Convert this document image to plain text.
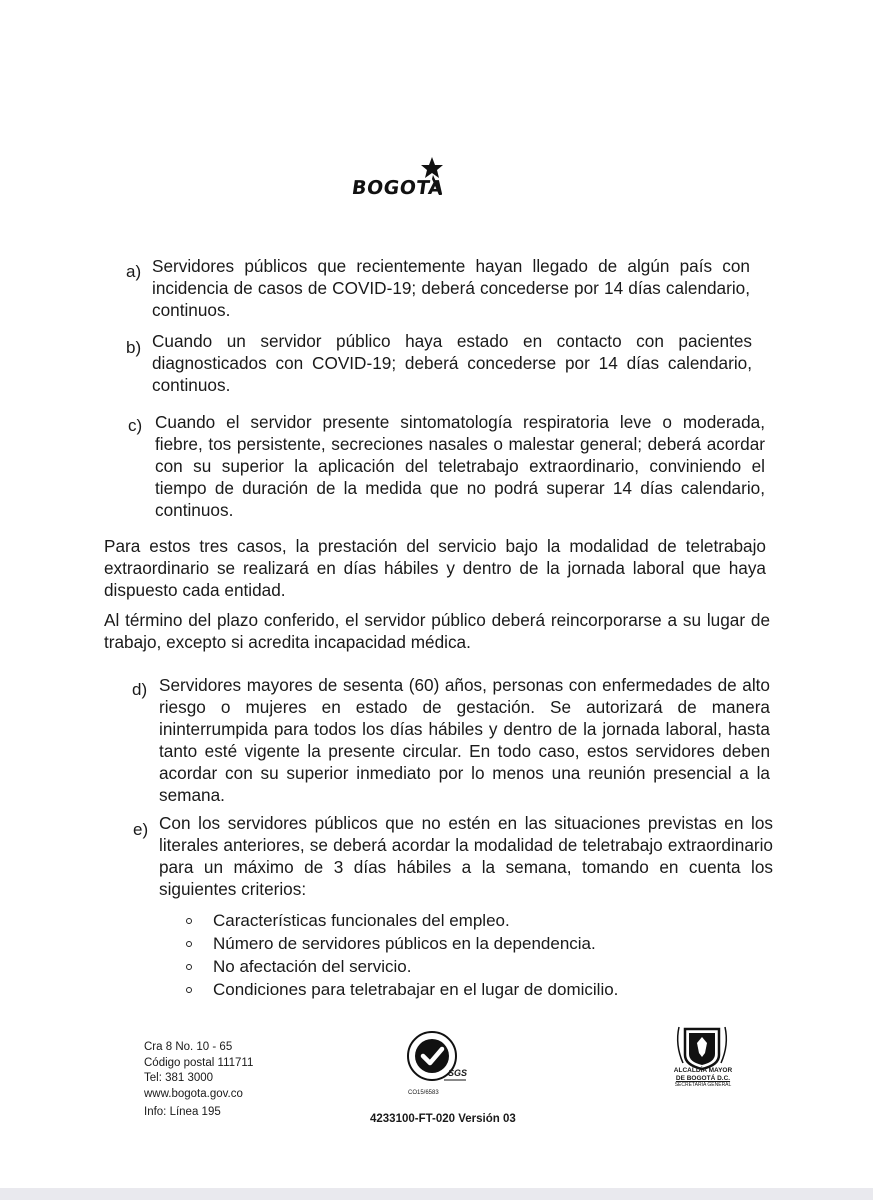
BOGOTA
a) Servidores públicos que recientemente hayan llegado de algún país con
incidencia de casos de COVID-19; deberá concederse por 14 días calendario,
continuos.
b) Cuando un servidor público haya estado en contacto con pacientes
diagnosticados con COVID-19; deberá concederse por 14 días calendario,
continuos.
c) Cuando el servidor presente sintomatología respiratoria leve o moderada,
fiebre, tos persistente, secreciones nasales o malestar general; deberá acordar
con su superior la aplicación del teletrabajo extraordinario, conviniendo el
tiempo de duración de la medida que no podrá superar 14 días calendario,
continuos.
Para estos tres casos, la prestación del servicio bajo la modalidad de teletrabajo
extraordinario se realizará en días hábiles y dentro de la jornada laboral que haya
dispuesto cada entidad.
Al término del plazo conferido, el servidor público deberá reincorporarse a su lugar de
trabajo, excepto si acredita incapacidad médica.
d) Servidores mayores de sesenta (60) años, personas con enfermedades de alto
riesgo o mujeres en estado de gestación. Se autorizará de manera
ininterrumpida para todos los días hábiles y dentro de la jornada laboral, hasta
tanto esté vigente la presente circular. En todo caso, estos servidores deben
acordar con su superior inmediato por lo menos una reunión presencial a la
semana.
e) Con los servidores públicos que no estén en las situaciones previstas en los
literales anteriores, se deberá acordar la modalidad de teletrabajo extraordinario
para un máximo de 3 días hábiles a la semana, tomando en cuenta los
siguientes criterios:
Características funcionales del empleo.
Número de servidores públicos en la dependencia.
No afectación del servicio.
Condiciones para teletrabajar en el lugar de domicilio.
Cra 8 No. 10 - 65
Código postal 111711
Tel: 381 3000
www.bogota.gov.co
Info: Línea 195
SGS
CO15/6583
4233100-FT-020 Versión 03
ALCALDÍA MAYOR
DE BOGOTÁ D.C.
SECRETARÍA GENERAL
